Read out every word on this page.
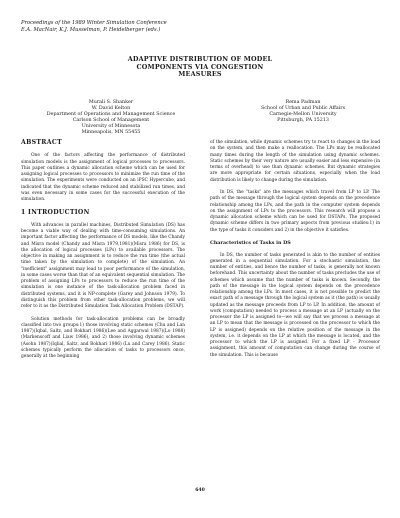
Proceedings of the 1989 Winter Simulation Conference
E.A. MacNair, K.J. Musselman, P. Heidelberger (eds.)
ADAPTIVE DISTRIBUTION OF MODEL
COMPONENTS VIA CONGESTION
MEASURES
Murali S. Shanker
W. David Kelton
Department of Operations and Management Science
Carlson School of Management
University of Minnesota
Minneapolis, MN 55455
Rema Padman
School of Urban and Public Affairs
Carnegie-Mellon University
Pittsburgh, PA 15213
ABSTRACT

One of the factors affecting the performance of distributed simulation models is the assignment of logical processes to processors. This paper outlines a dynamic allocation scheme which can be used for assigning logical processes to processors to minimize the run time of the simulation. The experiments were conducted on an iPSC Hypercube, and indicated that the dynamic scheme reduced and stabilized run times, and was even necessary in some cases for the successful execution of the simulation.

1 INTRODUCTION

With advances in parallel machines, Distributed Simulation (DS) has become a viable way of dealing with time-consuming simulations. An important factor affecting the performance of DS models, like the Chandy and Misra model (Chandy and Misra 1979,1981)(Misra 1986) for DS, is the allocation of logical processes (LPs) to available processors. The objective in making an assignment is to reduce the run time (the actual time taken by the simulation to complete) of the simulation. An "inefficient" assignment may lead to poor performance of the simulation, in some cases worse than that of an equivalent sequential simulation. The problem of assigning LPs to processors to reduce the run time of the simulation is one instance of the task-allocation problem faced in distributed systems, and it is NP-complete (Garey and Johnson 1979). To distinguish this problem from other task-allocation problems, we will refer to it as the Distributed Simulation Task Allocation Problem (DSTAP).

Solution methods for task-allocation problems can be broadly classified into two groups:1) those involving static schemes (Chu and Lan 1987)(Iqbal, Saltz, and Bokhari 1986)(Lee and Aggarwal 1987)(Lo 1988)(Markenscoff and Liaw 1986), and 2) those involving dynamic schemes (Asohn 1987)(Iqbal, Saltz, and Bokhari 1986) (Lu and Carey 1986). Static schemes typically perform the allocation of tasks to processors once, generally at the beginning

of the simulation, while dynamic schemes try to react to changes in the load on the system, and then make a reallocation. The LPs may be reallocated many times during the length of the simulation using dynamic schemes. Static schemes by their very nature are usually easier and less expensive (in terms of overhead) to use than dynamic schemes. But dynamic strategies are more appropriate for certain situations, especially when the load distribution is likely to change during the simulation.

In DS, the "tasks" are the messages which travel from LP to LP. The path of the message through the logical system depends on the precedence relationship among the LPs, and the path in the computer system depends on the assignment of LPs to the processors. This research will propose a dynamic allocation scheme which can be used for DSTAPs. The proposed dynamic scheme differs in two primary aspects from previous studies:1) in the type of tasks it considers and 2) in the objective it satisfies.

Characteristics of Tasks in DS

In DS, the number of tasks generated is akin to the number of entities generated in a sequential simulation. For a stochastic simulation, the number of entities, and hence the number of tasks, is generally not known beforehand. This uncertainty about the number of tasks precludes the use of schemes which assume that the number of tasks is known. Secondly, the path of the message in the logical system depends on the precedence relationship among the LPs. In most cases, it is not possible to predict the exact path of a message through the logical system as it (the path) is usually updated as the message proceeds from LP to LP. In addition, the amount of work (computation) needed to process a message at an LP (actually on the processor the LP is assigned to—we will say that we process a message at an LP to mean that the message is processed on the processor to which the LP is assigned) depends on the relative position of the message in the system, i.e. it depends on the LP at which the message is located, and the processor to which the LP is assigned. For a fixed LP - Processor assignment, this amount of computation can change during the course of the simulation. This is because

640
